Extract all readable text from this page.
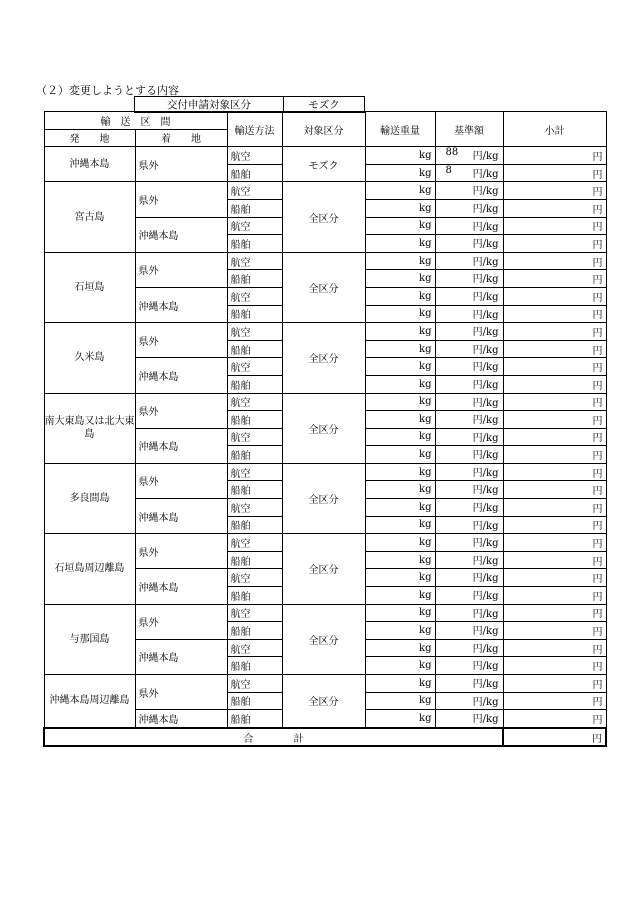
（２）変更しようとする内容
交付申請対象区分	モズク
輸　送　区　間		輸送方法	対象区分	輸送重量	基準額	小計
発　　地	着　　地					
沖縄本島	県外	航空	モズク	kg	88 円/kg	円
		船舶		kg	8 円/kg	円
宮古島	県外	航空	全区分	kg	円/kg	円
		船舶		kg	円/kg	円
	沖縄本島	航空		kg	円/kg	円
		船舶		kg	円/kg	円
石垣島	県外	航空	全区分	kg	円/kg	円
		船舶		kg	円/kg	円
	沖縄本島	航空		kg	円/kg	円
		船舶		kg	円/kg	円
久米島	県外	航空	全区分	kg	円/kg	円
		船舶		kg	円/kg	円
	沖縄本島	航空		kg	円/kg	円
		船舶		kg	円/kg	円
南大東島又は北大東島	県外	航空	全区分	kg	円/kg	円
		船舶		kg	円/kg	円
	沖縄本島	航空		kg	円/kg	円
		船舶		kg	円/kg	円
多良間島	県外	航空	全区分	kg	円/kg	円
		船舶		kg	円/kg	円
	沖縄本島	航空		kg	円/kg	円
		船舶		kg	円/kg	円
石垣島周辺離島	県外	航空	全区分	kg	円/kg	円
		船舶		kg	円/kg	円
	沖縄本島	航空		kg	円/kg	円
		船舶		kg	円/kg	円
与那国島	県外	航空	全区分	kg	円/kg	円
		船舶		kg	円/kg	円
	沖縄本島	航空		kg	円/kg	円
		船舶		kg	円/kg	円
沖縄本島周辺離島	県外	航空	全区分	kg	円/kg	円
		船舶		kg	円/kg	円
	沖縄本島	船舶		kg	円/kg	円
合　　　　計						円
